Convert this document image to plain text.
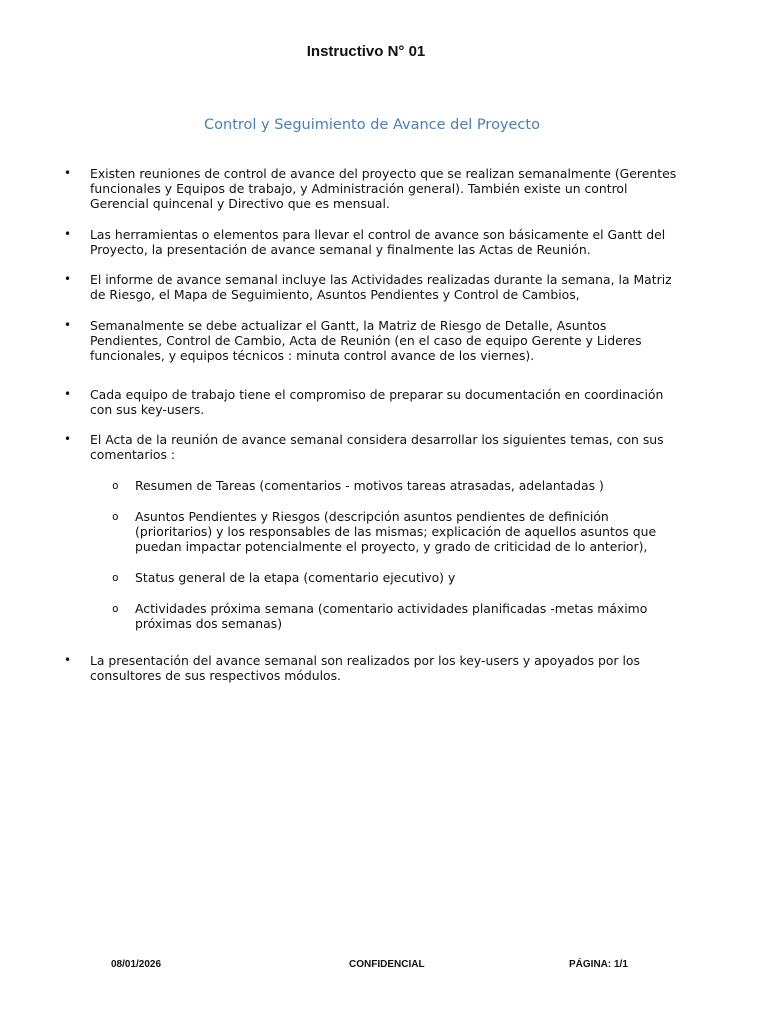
Instructivo N° 01
Control y Seguimiento de Avance del Proyecto
• Existen reuniones de control de avance del proyecto que se realizan semanalmente (Gerentes funcionales y Equipos de trabajo, y Administración general). También existe un control Gerencial quincenal y Directivo que es mensual.
• Las herramientas o elementos para llevar el control de avance son básicamente el Gantt del Proyecto, la presentación de avance semanal y finalmente las Actas de Reunión.
• El informe de avance semanal incluye las Actividades realizadas durante la semana, la Matriz de Riesgo, el Mapa de Seguimiento, Asuntos Pendientes y Control de Cambios,
• Semanalmente se debe actualizar el Gantt, la Matriz de Riesgo de Detalle, Asuntos Pendientes, Control de Cambio, Acta de Reunión (en el caso de equipo Gerente y Lideres funcionales, y equipos técnicos : minuta control avance de los viernes).
• Cada equipo de trabajo tiene el compromiso de preparar su documentación en coordinación con sus key-users.
• El Acta de la reunión de avance semanal considera desarrollar los siguientes temas, con sus comentarios :
o Resumen de Tareas (comentarios - motivos tareas atrasadas, adelantadas )
o Asuntos Pendientes y Riesgos (descripción asuntos pendientes de definición (prioritarios) y los responsables de las mismas; explicación de aquellos asuntos que puedan impactar potencialmente el proyecto, y grado de criticidad de lo anterior),
o Status general de la etapa (comentario ejecutivo) y
o Actividades próxima semana (comentario actividades planificadas -metas máximo próximas dos semanas)
• La presentación del avance semanal son realizados por los key-users y apoyados por los consultores de sus respectivos módulos.
08/01/2026	CONFIDENCIAL	PÁGINA: 1/1
